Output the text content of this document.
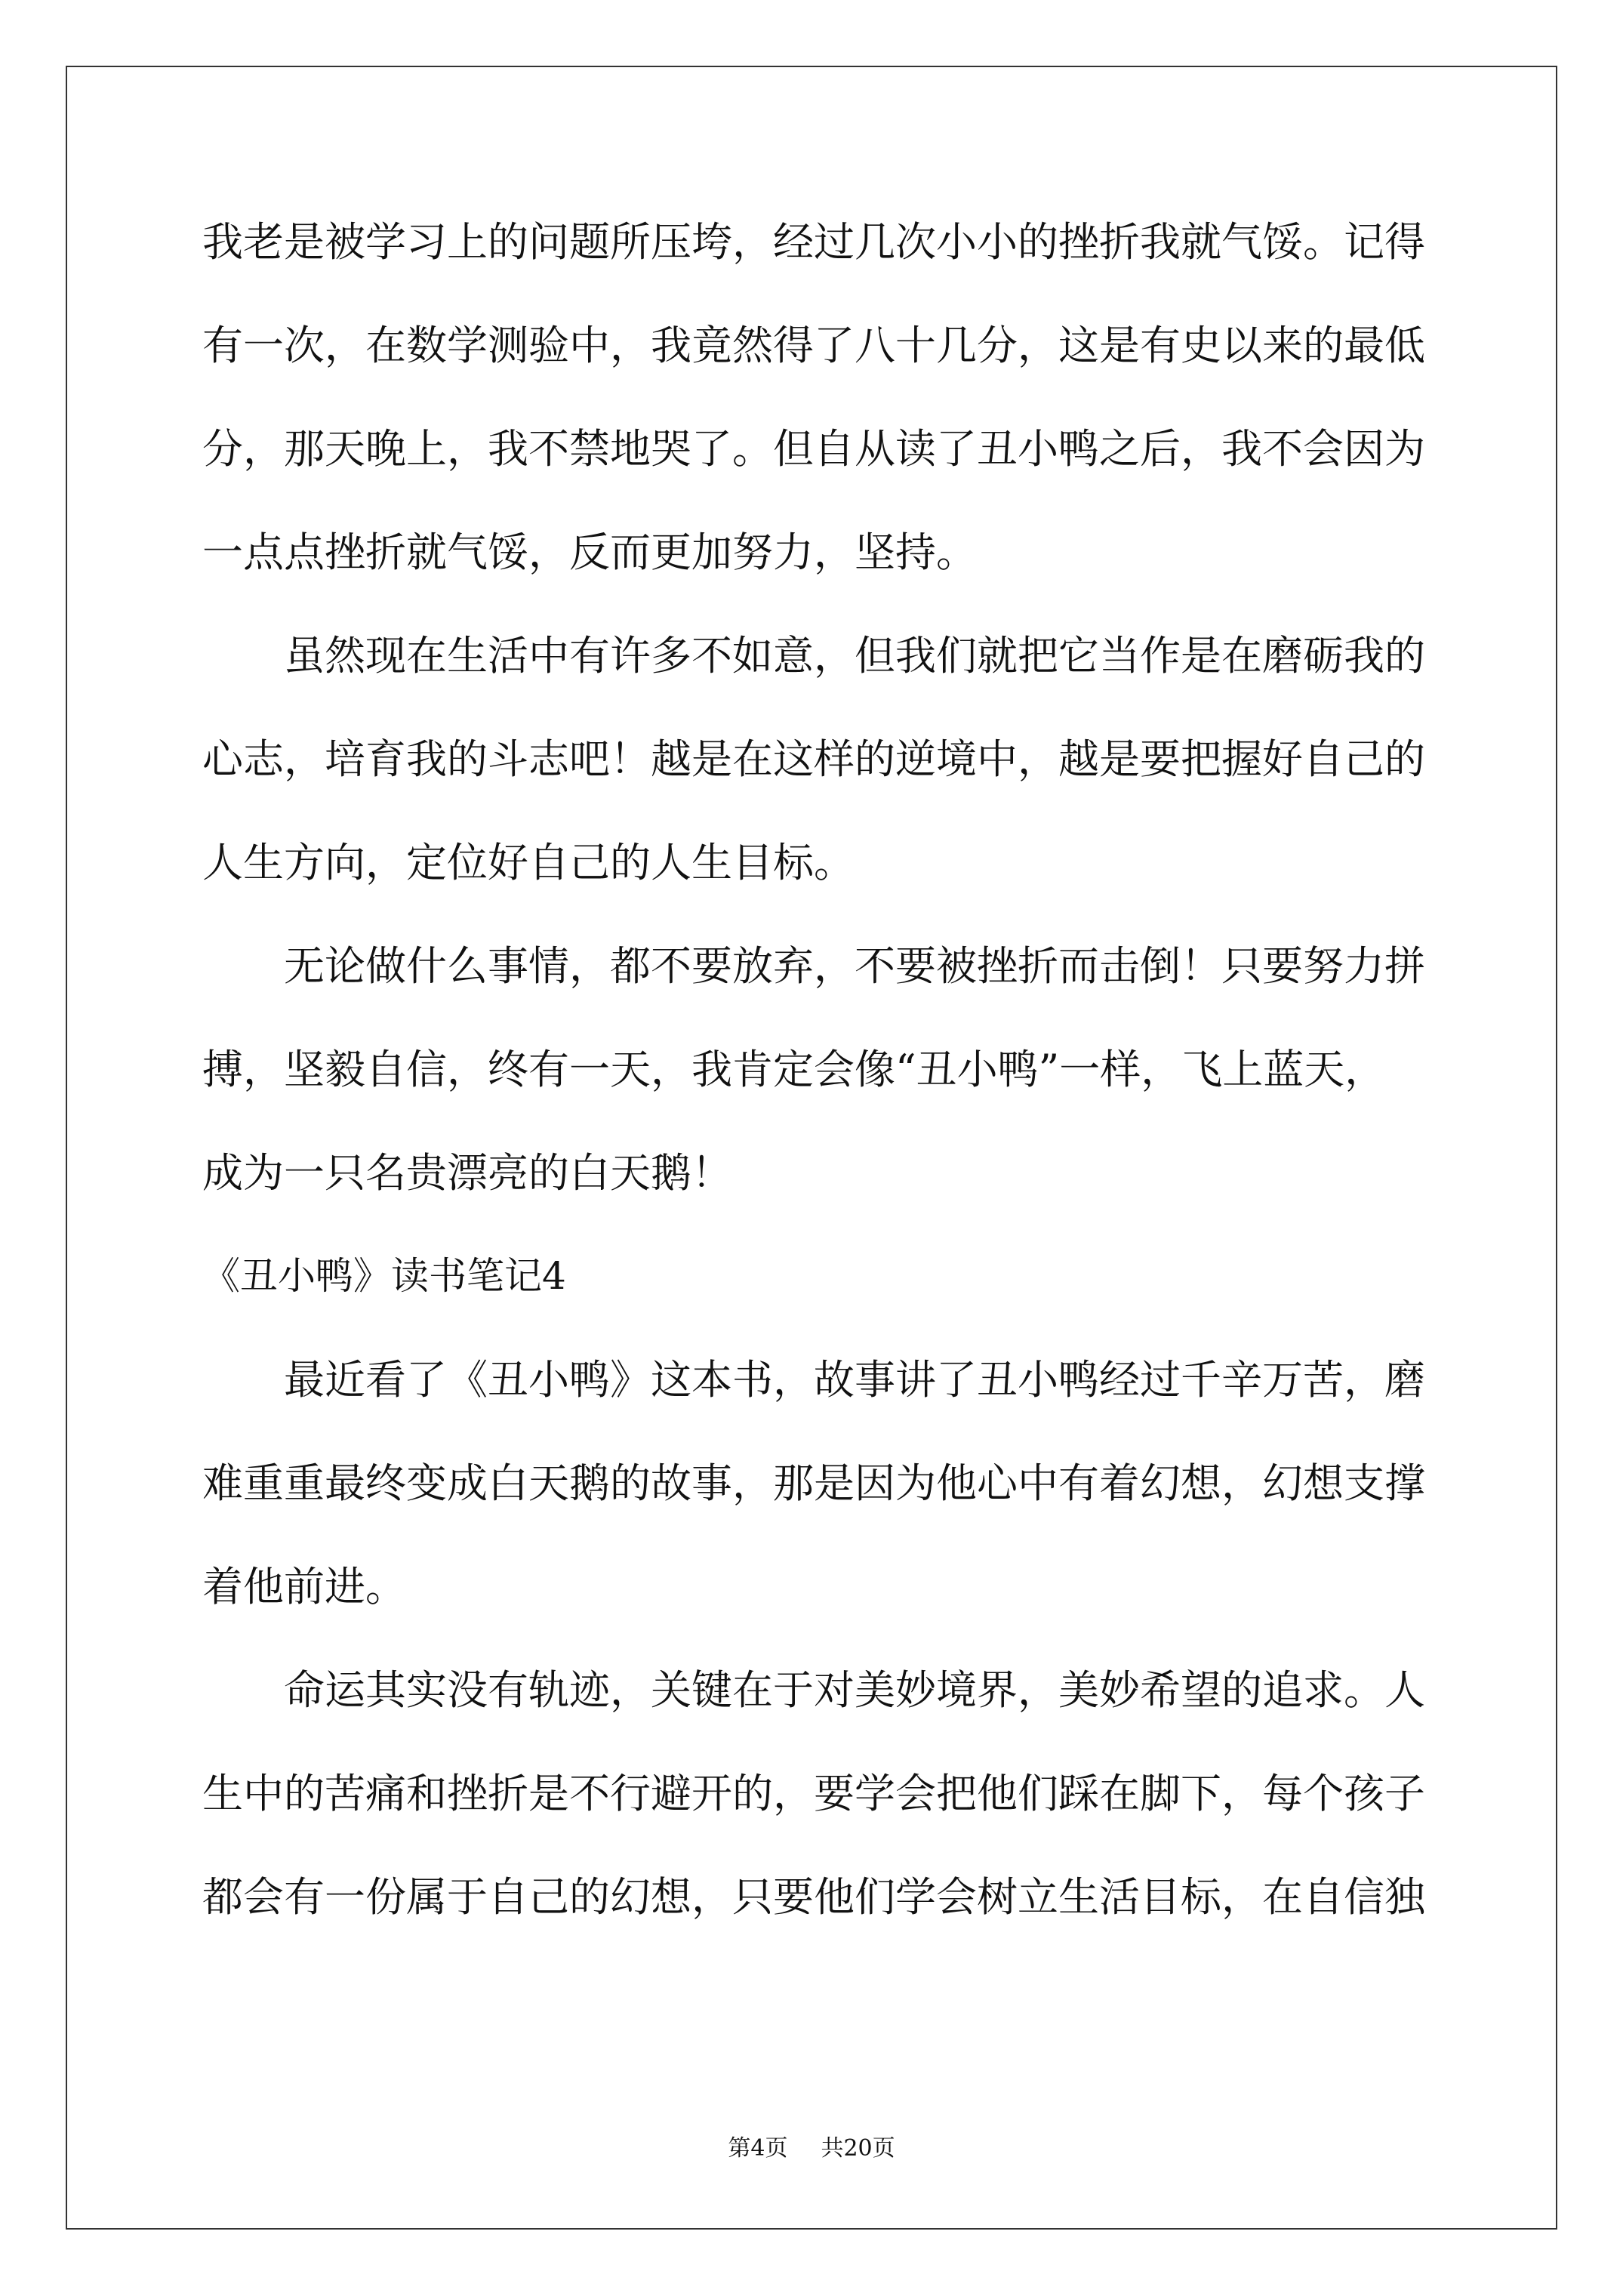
我老是被学习上的问题所压垮，经过几次小小的挫折我就气馁。记得
有一次，在数学测验中，我竟然得了八十几分，这是有史以来的最低
分，那天晚上，我不禁地哭了。但自从读了丑小鸭之后，我不会因为
一点点挫折就气馁，反而更加努力，坚持。
虽然现在生活中有许多不如意，但我们就把它当作是在磨砺我的
心志，培育我的斗志吧！越是在这样的逆境中，越是要把握好自己的
人生方向，定位好自己的人生目标。
无论做什么事情，都不要放弃，不要被挫折而击倒！只要努力拼
搏，坚毅自信，终有一天，我肯定会像“丑小鸭”一样，飞上蓝天，
成为一只名贵漂亮的白天鹅！
《丑小鸭》读书笔记4
最近看了《丑小鸭》这本书，故事讲了丑小鸭经过千辛万苦，磨
难重重最终变成白天鹅的故事，那是因为他心中有着幻想，幻想支撑
着他前进。
命运其实没有轨迹，关键在于对美妙境界，美妙希望的追求。人
生中的苦痛和挫折是不行避开的，要学会把他们踩在脚下，每个孩子
都会有一份属于自己的幻想，只要他们学会树立生活目标，在自信独
第4页 共20页
